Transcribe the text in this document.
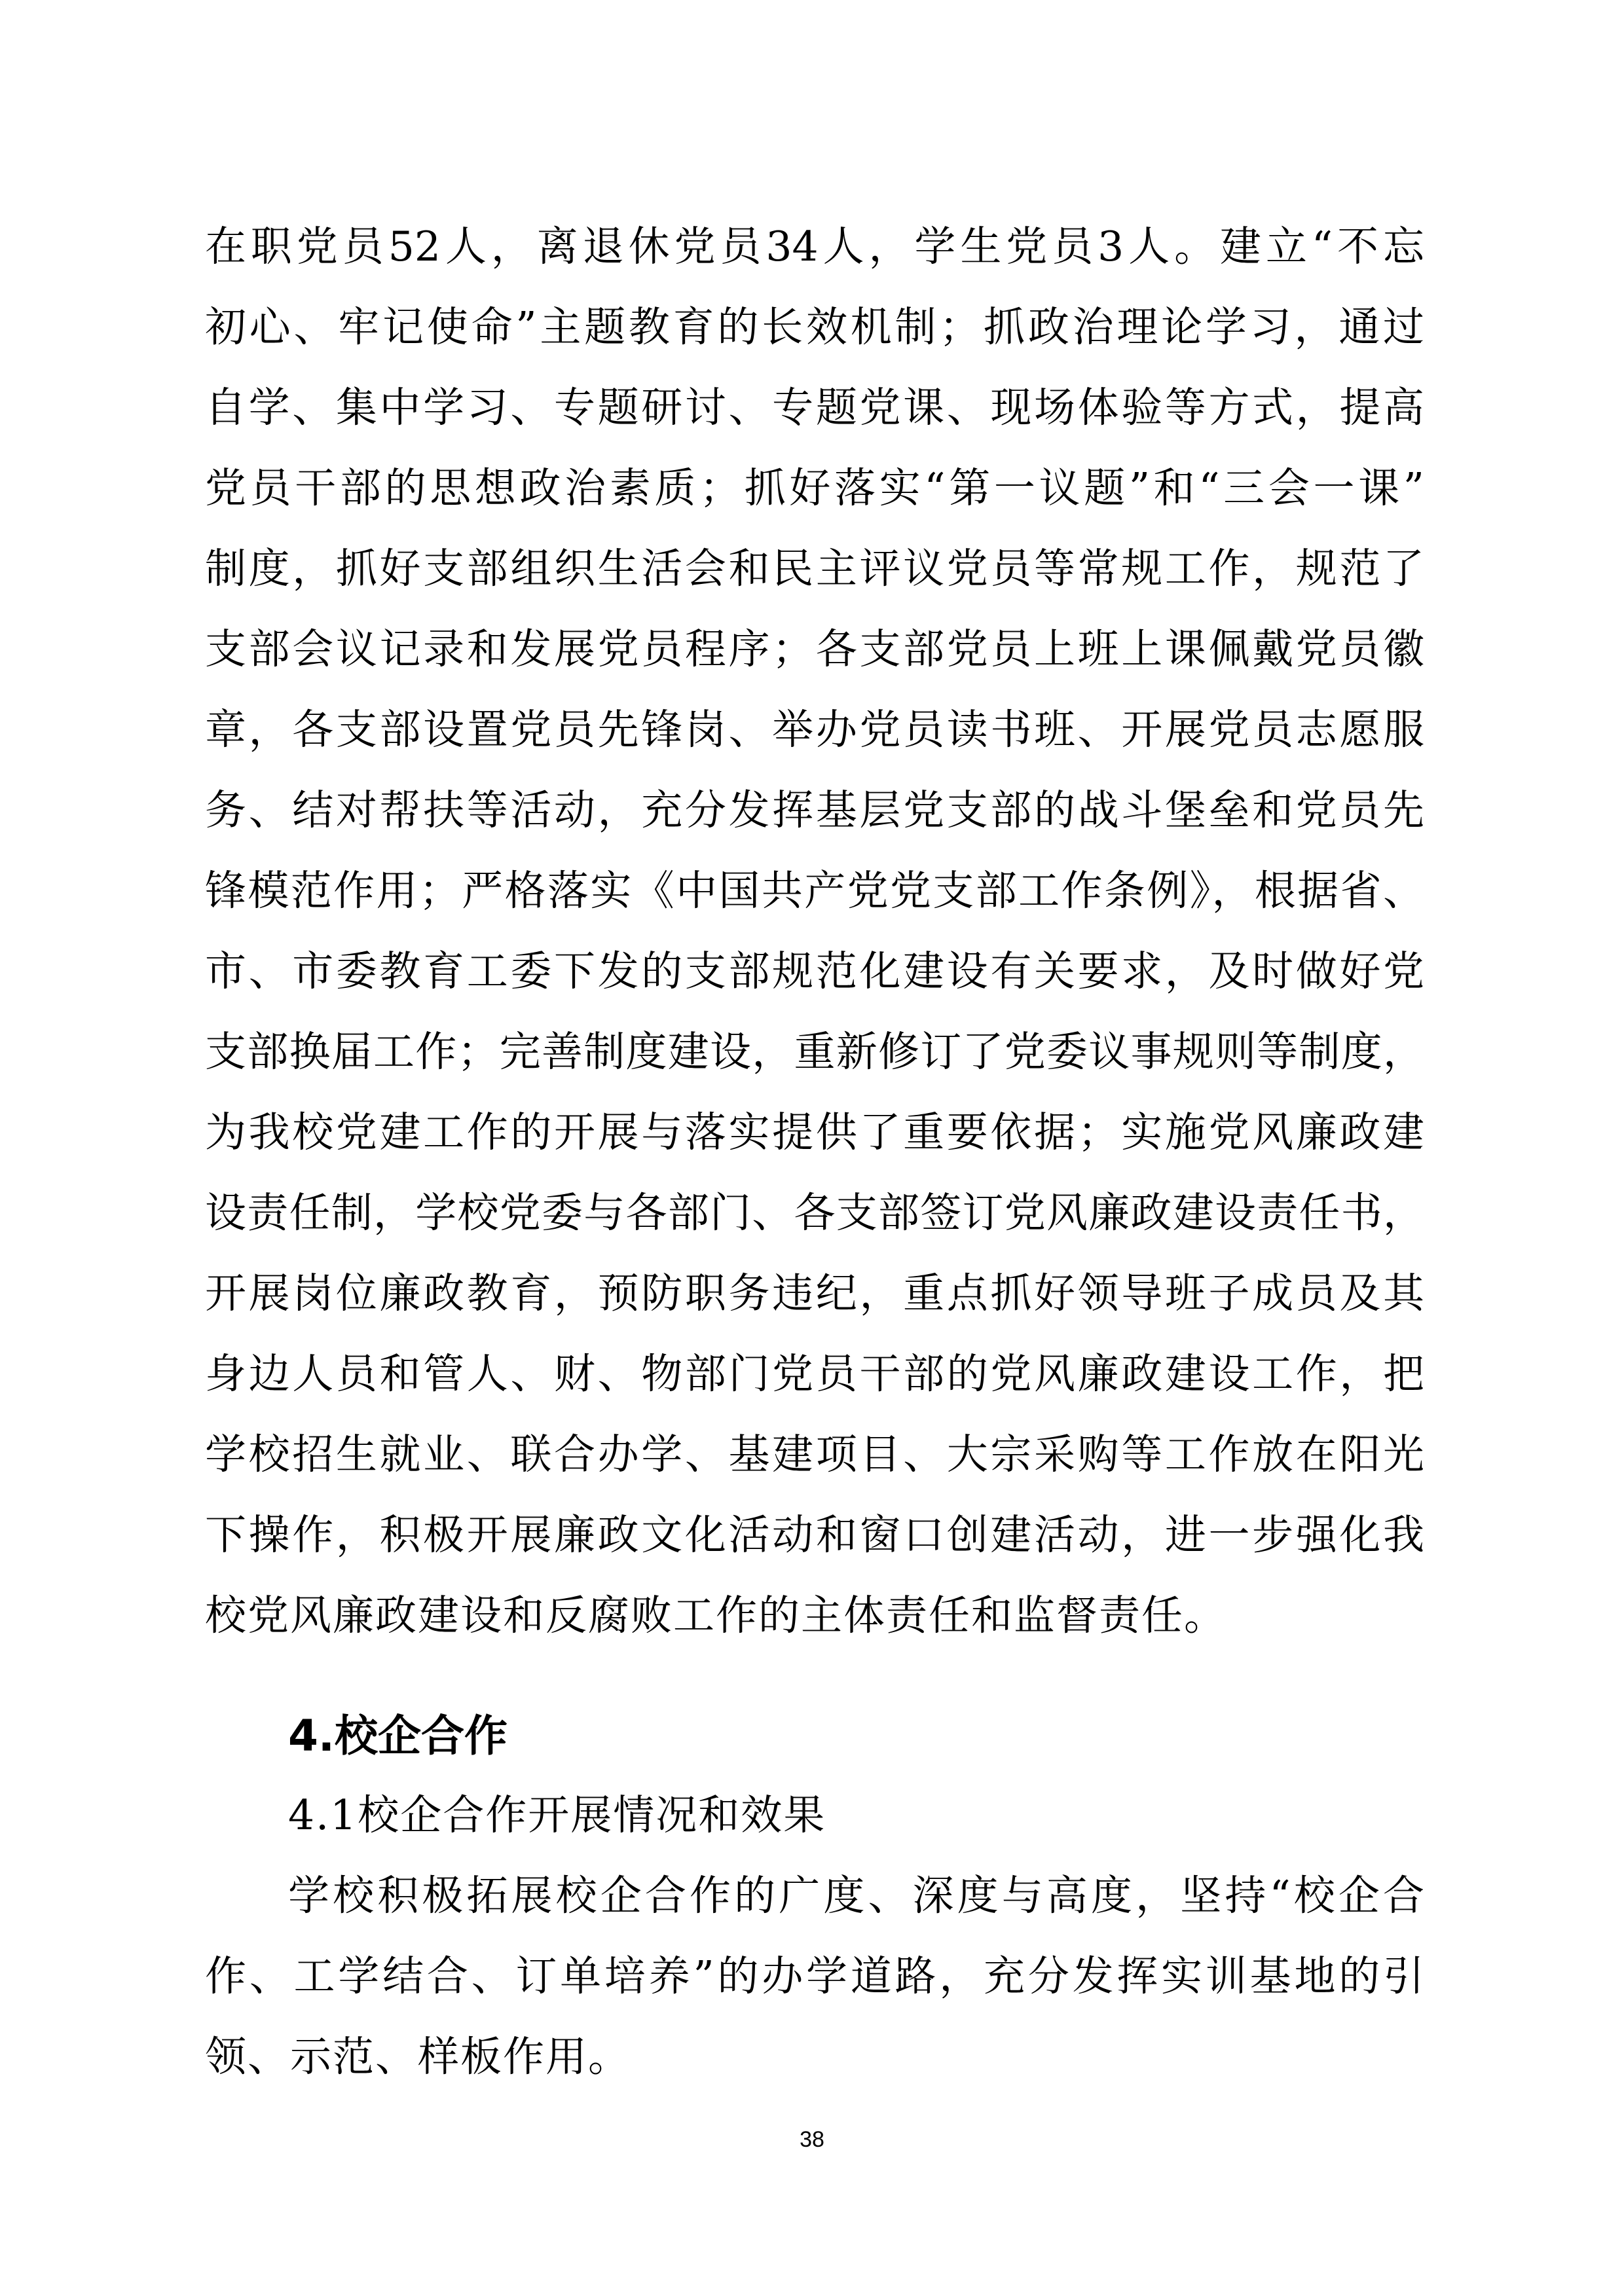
在职党员52人，离退休党员34人，学生党员3人。建立“不忘
初心、牢记使命”主题教育的长效机制；抓政治理论学习，通过
自学、集中学习、专题研讨、专题党课、现场体验等方式，提高
党员干部的思想政治素质；抓好落实“第一议题”和“三会一课”
制度，抓好支部组织生活会和民主评议党员等常规工作，规范了
支部会议记录和发展党员程序；各支部党员上班上课佩戴党员徽
章，各支部设置党员先锋岗、举办党员读书班、开展党员志愿服
务、结对帮扶等活动，充分发挥基层党支部的战斗堡垒和党员先
锋模范作用；严格落实《中国共产党党支部工作条例》，根据省、
市、市委教育工委下发的支部规范化建设有关要求，及时做好党
支部换届工作；完善制度建设，重新修订了党委议事规则等制度，
为我校党建工作的开展与落实提供了重要依据；实施党风廉政建
设责任制，学校党委与各部门、各支部签订党风廉政建设责任书，
开展岗位廉政教育，预防职务违纪，重点抓好领导班子成员及其
身边人员和管人、财、物部门党员干部的党风廉政建设工作，把
学校招生就业、联合办学、基建项目、大宗采购等工作放在阳光
下操作，积极开展廉政文化活动和窗口创建活动，进一步强化我
校党风廉政建设和反腐败工作的主体责任和监督责任。
4.校企合作
4.1校企合作开展情况和效果
学校积极拓展校企合作的广度、深度与高度，坚持“校企合
作、工学结合、订单培养”的办学道路，充分发挥实训基地的引
领、示范、样板作用。
38
